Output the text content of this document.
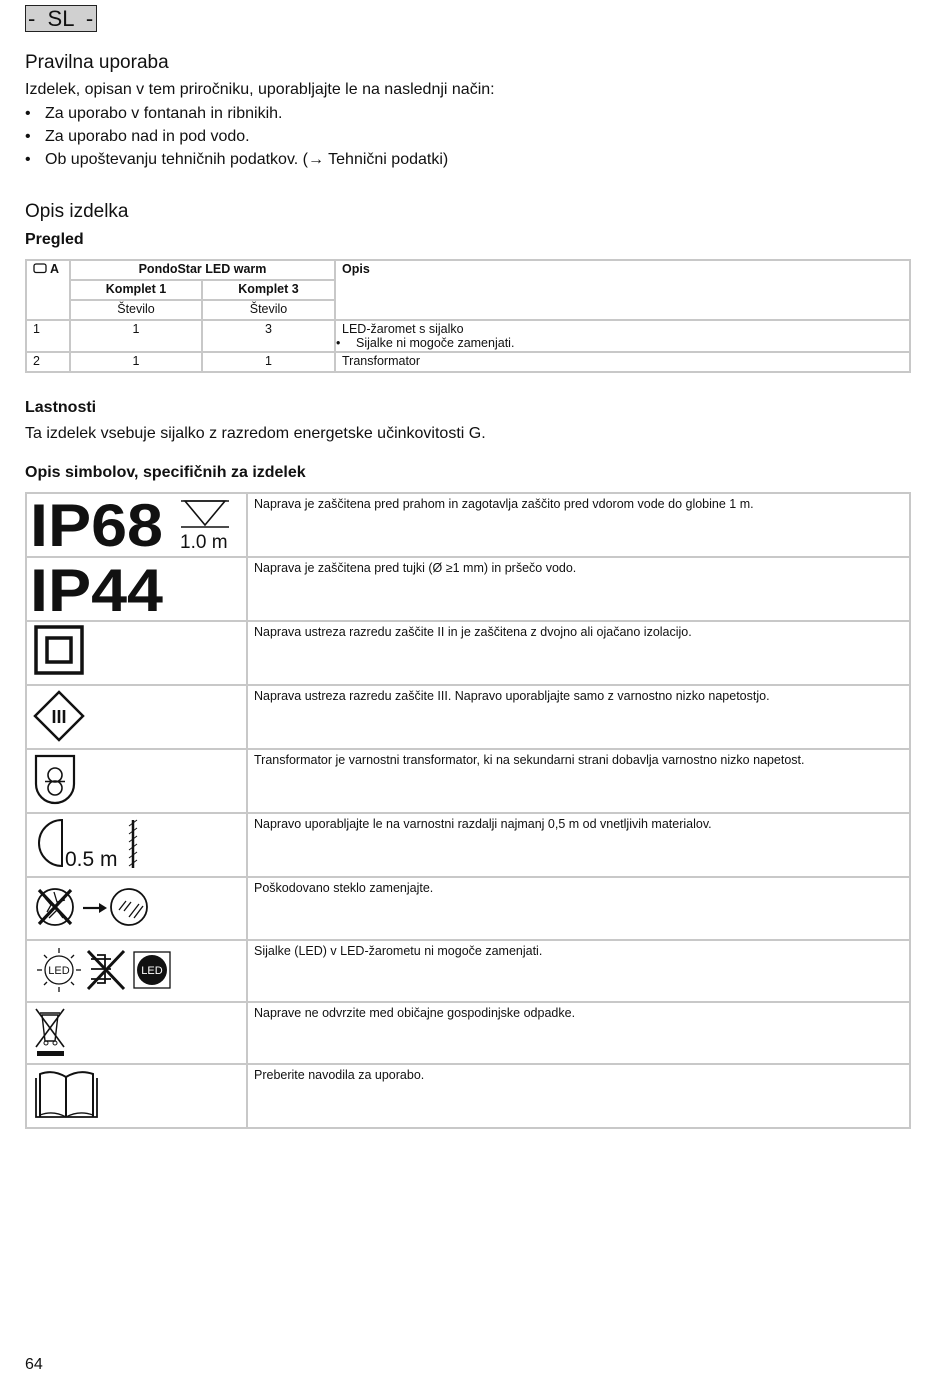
-  SL  -
Pravilna uporaba

Izdelek, opisan v tem priročniku, uporabljajte le na naslednji način:

• Za uporabo v fontanah in ribnikih.
• Za uporabo nad in pod vodo.
• Ob upoštevanju tehničnih podatkov. (→ Tehnični podatki)
Opis izdelka
Pregled
A	PondoStar LED warm		Opis
	Komplet 1	Komplet 3	
	Število	Število	
1	1	3	LED-žaromet s sijalko
• Sijalke ni mogoče zamenjati.

2	1	1	Transformator
Lastnosti

Ta izdelek vsebuje sijalko z razredom energetske učinkovitosti G.

Opis simbolov, specifičnih za izdelek
IP68 1.0 m	Naprava je zaščitena pred prahom in zagotavlja zaščito pred vdorom vode do globine 1 m.

IP44	Naprava je zaščitena pred tujki (Ø ≥1 mm) in pršečo vodo.
	Naprava ustreza razredu zaščite II in je zaščitena z dvojno ali ojačano izolacijo.

III	Naprava ustreza razredu zaščite III. Napravo uporabljajte samo z varnostno nizko napetostjo.
	Transformator je varnostni transformator, ki na sekundarni strani dobavlja varnostno nizko napetost.

0.5 m	Napravo uporabljajte le na varnostni razdalji najmanj 0,5 m od vnetljivih materialov.
	Poškodovano steklo zamenjajte.

LED LED	Sijalke (LED) v LED-žarometu ni mogoče zamenjati.
	Naprave ne odvrzite med običajne gospodinjske odpadke.
	Preberite navodila za uporabo.
64
